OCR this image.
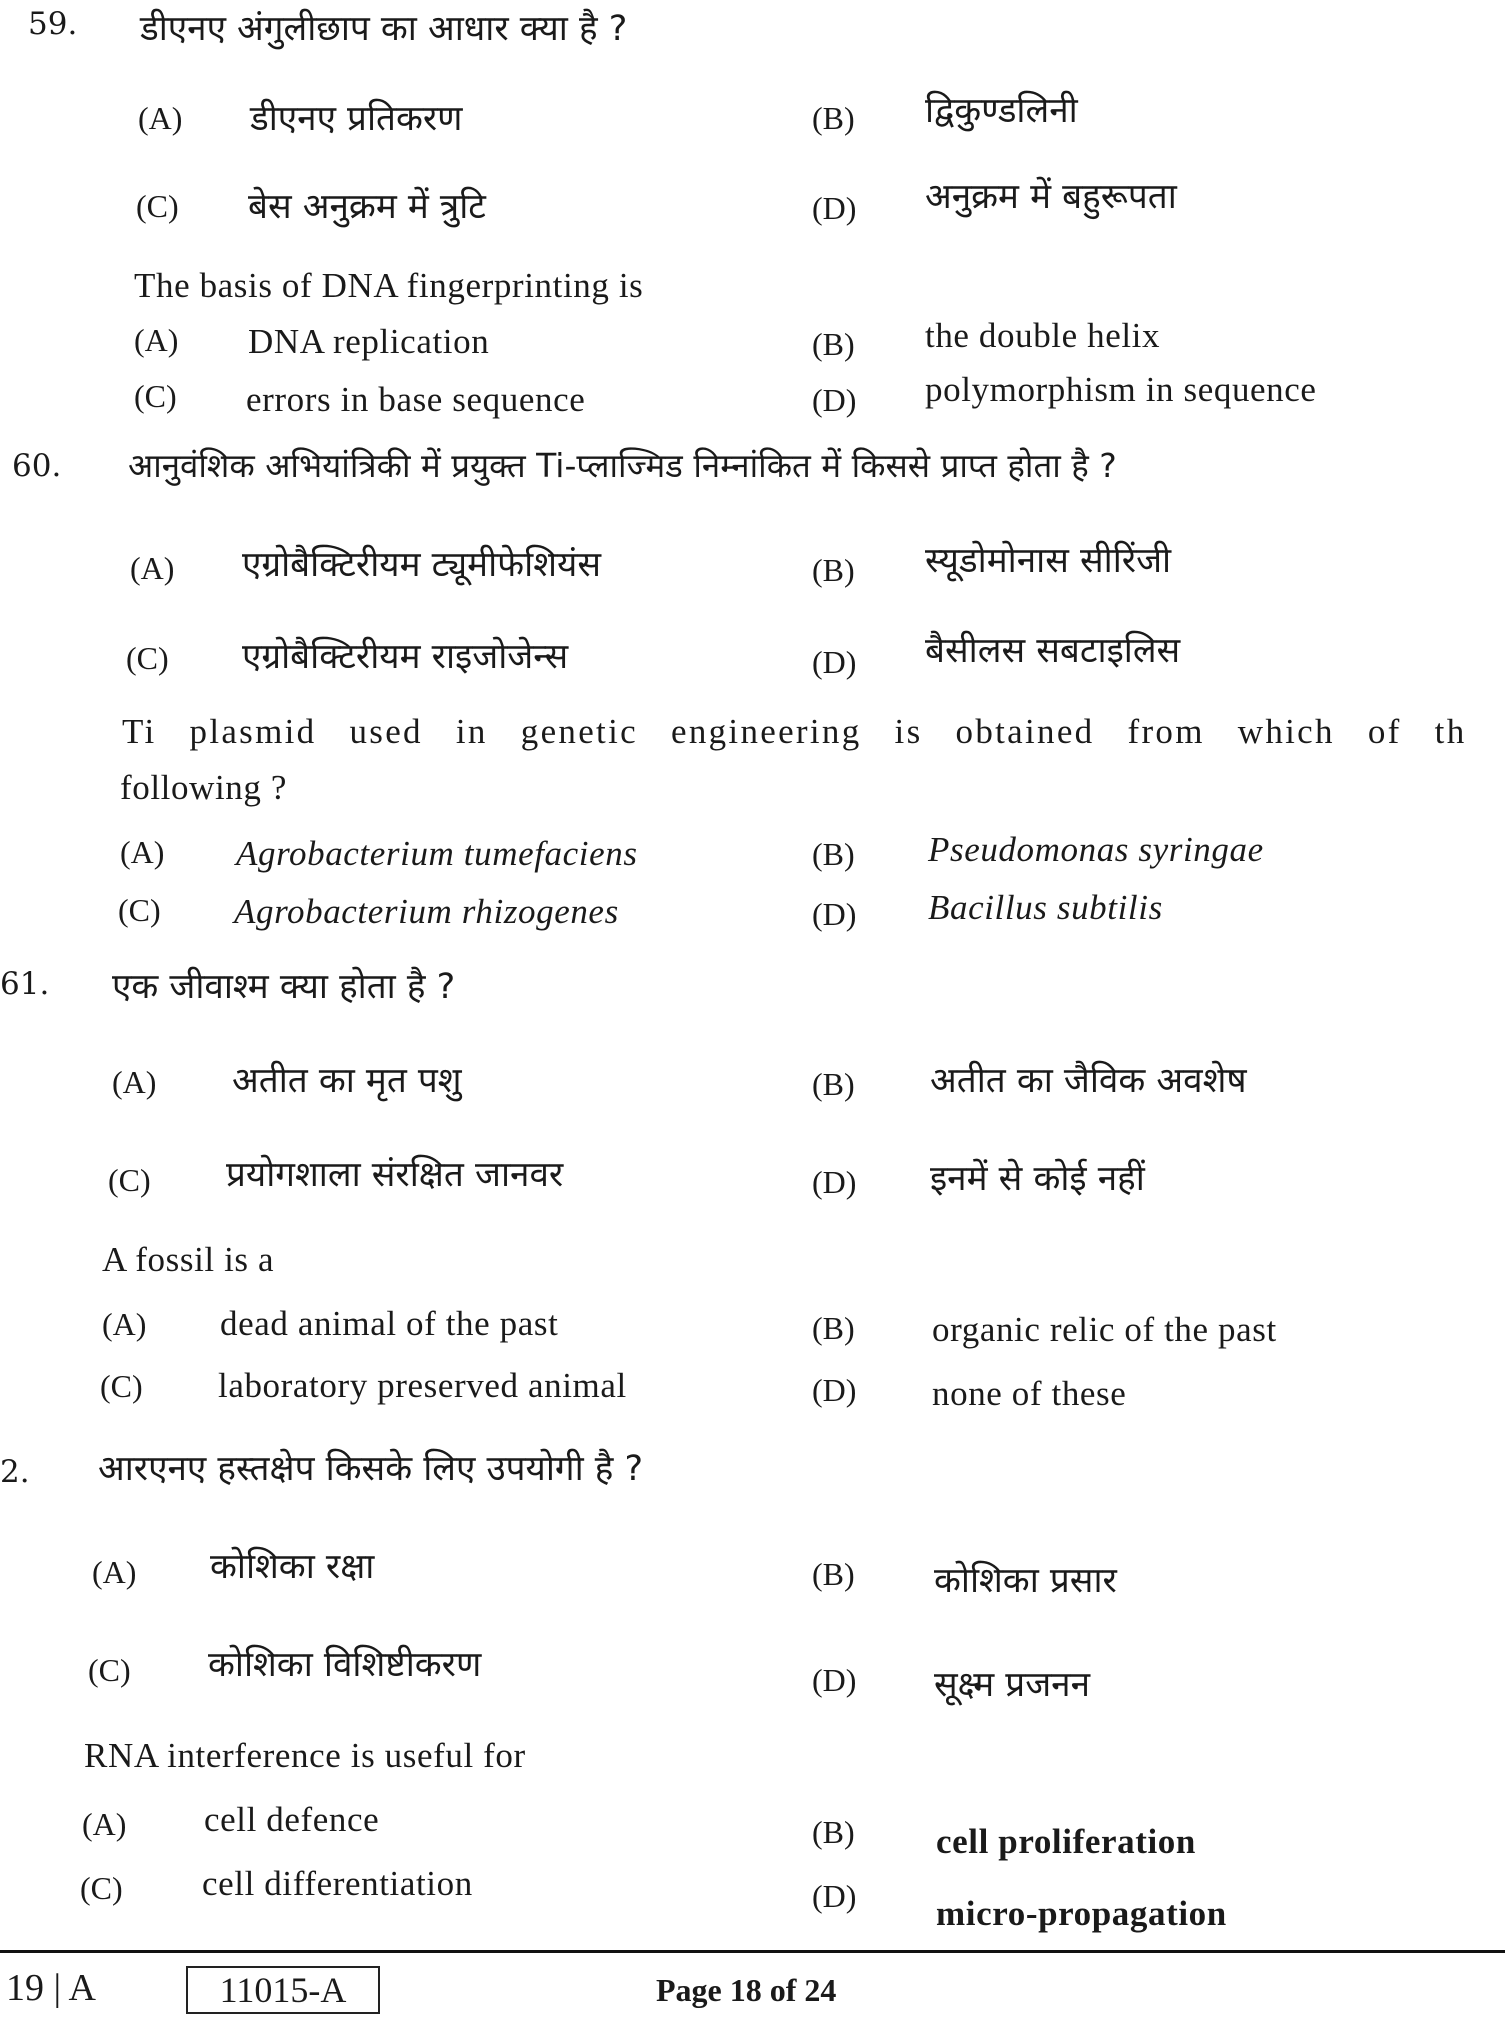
59. डीएनए अंगुलीछाप का आधार क्या है ?
(A) डीएनए प्रतिकरण	(B) द्विकुण्डलिनी
(C) बेस अनुक्रम में त्रुटि	(D) अनुक्रम में बहुरूपता
The basis of DNA fingerprinting is
(A) DNA replication	(B) the double helix
(C) errors in base sequence	(D) polymorphism in sequence
60. आनुवंशिक अभियांत्रिकी में प्रयुक्त Ti-प्लाज्मिड निम्नांकित में किससे प्राप्त होता है ?
(A) एग्रोबैक्टिरीयम ट्यूमीफेशियंस	(B) स्यूडोमोनास सीरिंजी
(C) एग्रोबैक्टिरीयम राइजोजेन्स	(D) बैसीलस सबटाइलिस
Ti plasmid used in genetic engineering is obtained from which of th
following ?
(A) Agrobacterium tumefaciens	(B) Pseudomonas syringae
(C) Agrobacterium rhizogenes	(D) Bacillus subtilis
61. एक जीवाश्म क्या होता है ?
(A) अतीत का मृत पशु	(B) अतीत का जैविक अवशेष
(C) प्रयोगशाला संरक्षित जानवर	(D) इनमें से कोई नहीं
A fossil is a
(A) dead animal of the past	(B) organic relic of the past
(C) laboratory preserved animal	(D) none of these
2. आरएनए हस्तक्षेप किसके लिए उपयोगी है ?
(A) कोशिका रक्षा	(B) कोशिका प्रसार
(C) कोशिका विशिष्टीकरण	(D) सूक्ष्म प्रजनन
RNA interference is useful for
(A) cell defence	(B) cell proliferation
(C) cell differentiation	(D) micro-propagation
19 | A	11015-A	Page 18 of 24
